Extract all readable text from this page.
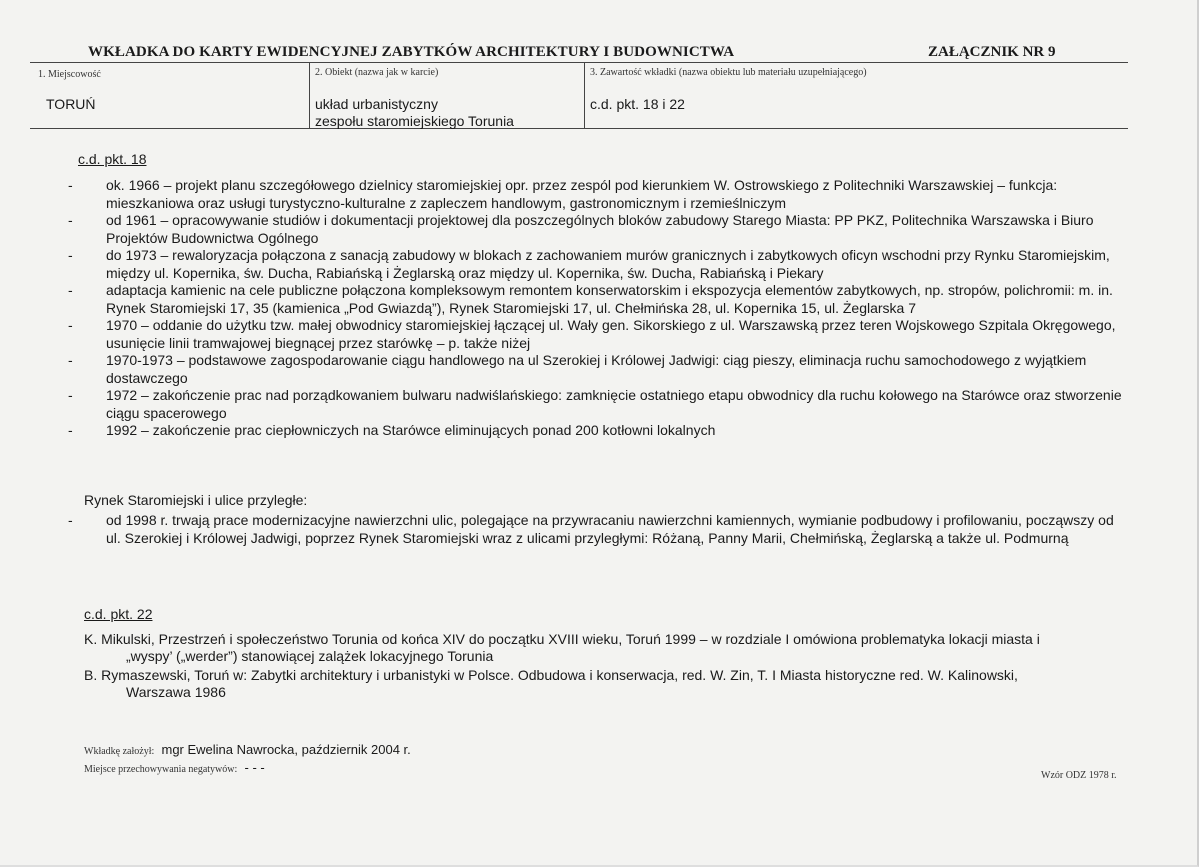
WKŁADKA DO KARTY EWIDENCYJNEJ ZABYTKÓW ARCHITEKTURY I BUDOWNICTWA	ZAŁĄCZNIK NR 9
1. Miejscowość
TORUŃ
2. Obiekt (nazwa jak w karcie)
układ urbanistyczny
zespołu staromiejskiego Torunia
3. Zawartość wkładki (nazwa obiektu lub materiału uzupełniającego)
c.d. pkt. 18 i 22
c.d. pkt. 18
- ok. 1966 – projekt planu szczegółowego dzielnicy staromiejskiej opr. przez zespól pod kierunkiem W. Ostrowskiego z Politechniki Warszawskiej – funkcja: mieszkaniowa oraz usługi turystyczno-kulturalne z zapleczem handlowym, gastronomicznym i rzemieślniczym
- od 1961 – opracowywanie studiów i dokumentacji projektowej dla poszczególnych bloków zabudowy Starego Miasta: PP PKZ, Politechnika Warszawska i Biuro Projektów Budownictwa Ogólnego
- do 1973 – rewaloryzacja połączona z sanacją zabudowy w blokach z zachowaniem murów granicznych i zabytkowych oficyn wschodni przy Rynku Staromiejskim, między ul. Kopernika, św. Ducha, Rabiańską i Żeglarską oraz między ul. Kopernika, św. Ducha, Rabiańską i Piekary
- adaptacja kamienic na cele publiczne połączona kompleksowym remontem konserwatorskim i ekspozycja elementów zabytkowych, np. stropów, polichromii: m. in. Rynek Staromiejski 17, 35 (kamienica „Pod Gwiazdą”), Rynek Staromiejski 17, ul. Chełmińska 28, ul. Kopernika 15, ul. Żeglarska 7
- 1970 – oddanie do użytku tzw. małej obwodnicy staromiejskiej łączącej ul. Wały gen. Sikorskiego z ul. Warszawską przez teren Wojskowego Szpitala Okręgowego, usunięcie linii tramwajowej biegnącej przez starówkę – p. także niżej
- 1970-1973 – podstawowe zagospodarowanie ciągu handlowego na ul Szerokiej i Królowej Jadwigi: ciąg pieszy, eliminacja ruchu samochodowego z wyjątkiem dostawczego
- 1972 – zakończenie prac nad porządkowaniem bulwaru nadwiślańskiego: zamknięcie ostatniego etapu obwodnicy dla ruchu kołowego na Starówce oraz stworzenie ciągu spacerowego
- 1992 – zakończenie prac ciepłowniczych na Starówce eliminujących ponad 200 kotłowni lokalnych
Rynek Staromiejski i ulice przyległe:
- od 1998 r. trwają prace modernizacyjne nawierzchni ulic, polegające na przywracaniu nawierzchni kamiennych, wymianie podbudowy i profilowaniu, począwszy od ul. Szerokiej i Królowej Jadwigi, poprzez Rynek Staromiejski wraz z ulicami przyległymi: Różaną, Panny Marii, Chełmińską, Żeglarską a także ul. Podmurną
c.d. pkt. 22
K. Mikulski, Przestrzeń i społeczeństwo Torunia od końca XIV do początku XVIII wieku, Toruń 1999 – w rozdziale I omówiona problematyka lokacji miasta i „wyspy’ („werder”) stanowiącej zalążek lokacyjnego Torunia
B. Rymaszewski, Toruń w: Zabytki architektury i urbanistyki w Polsce. Odbudowa i konserwacja, red. W. Zin, T. I Miasta historyczne red. W. Kalinowski, Warszawa 1986
Wkładkę założył: mgr Ewelina Nawrocka, październik 2004 r.
Miejsce przechowywania negatywów: - - -
Wzór ODZ 1978 r.
